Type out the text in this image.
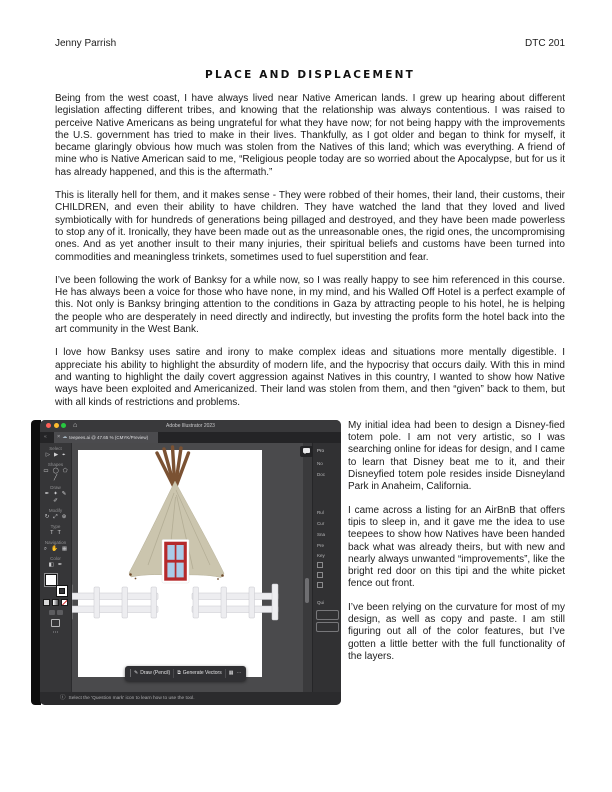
Jenny Parrish	DTC 201
PLACE AND DISPLACEMENT

Being from the west coast, I have always lived near Native American lands. I grew up hearing about different legislation affecting different tribes, and knowing that the relationship was always contentious. I was raised to perceive Native Americans as being ungrateful for what they have now; for not being happy with the improvements the U.S. government has tried to make in their lives. Thankfully, as I got older and began to think for myself, it became glaringly obvious how much was stolen from the Natives of this land; which was everything. A friend of mine who is Native American said to me, “Religious people today are so worried about the Apocalypse, but for us it has already happened, and this is the aftermath.”

This is literally hell for them, and it makes sense - They were robbed of their homes, their land, their customs, their CHILDREN, and even their ability to have children. They have watched the land that they loved and lived symbiotically with for hundreds of generations being pillaged and destroyed, and they have been made powerless to stop any of it. Ironically, they have been made out as the unreasonable ones, the rigid ones, the uncompromising ones. And as yet another insult to their many injuries, their spiritual beliefs and customs have been turned into commodities and meaningless trinkets, sometimes used to fuel superstition and fear.

I’ve been following the work of Banksy for a while now, so I was really happy to see him referenced in this course. He has always been a voice for those who have none, in my mind, and his Walled Off Hotel is a perfect example of this. Not only is Banksy bringing attention to the conditions in Gaza by attracting people to his hotel, he is helping the people who are desperately in need directly and indirectly, but investing the profits form the hotel back into the art community in the West Bank.

I love how Banksy uses satire and irony to make complex ideas and situations more mentally digestible. I appreciate his ability to highlight the absurdity of modern life, and the hypocrisy that occurs daily. With this in mind and wanting to highlight the daily covert aggression against Natives in this country, I wanted to show how Native ways have been exploited and Americanized. Their land was stolen from them, and then “given” back to them, but with all kinds of restrictions and problems.

⌂	Adobe Illustrator 2023
« × ☁ teepees.ai @ 47.65 % (CMYK/Preview)
Select
▷ ▶ ⌖
Shapes
▭ ◯ ⬠
╱
Draw
✒ ✦ ✎
✐
Modify
↻ ⤢ ⊛
Type
T T
Navigation
⌕ ✋ ▦
Color
◧ ✒
⋯
Pro
No
Doc
Rul
Cur
Sna
Pre
Key
Qui
ⓘ Select the 'Question mark' icon to learn how to use the tool.
✎ Draw (Pencil) ⧉ Generate Vectors ▦ ⋯

My initial idea had been to design a Disney-fied totem pole. I am not very artistic, so I was searching online for ideas for design, and I came to learn that Disney beat me to it, and their Disneyfied totem pole resides inside Disneyland Park in Anaheim, California.

I came across a listing for an AirBnB that offers tipis to sleep in, and it gave me the idea to use teepees to show how Natives have been handed back what was already theirs, but with new and nearly always unwanted “improvements”, like the bright red door on this tipi and the white picket fence out front.

I’ve been relying on the curvature for most of my design, as well as copy and paste. I am still figuring out all of the color features, but I’ve gotten a little better with the full functionality of the layers.
